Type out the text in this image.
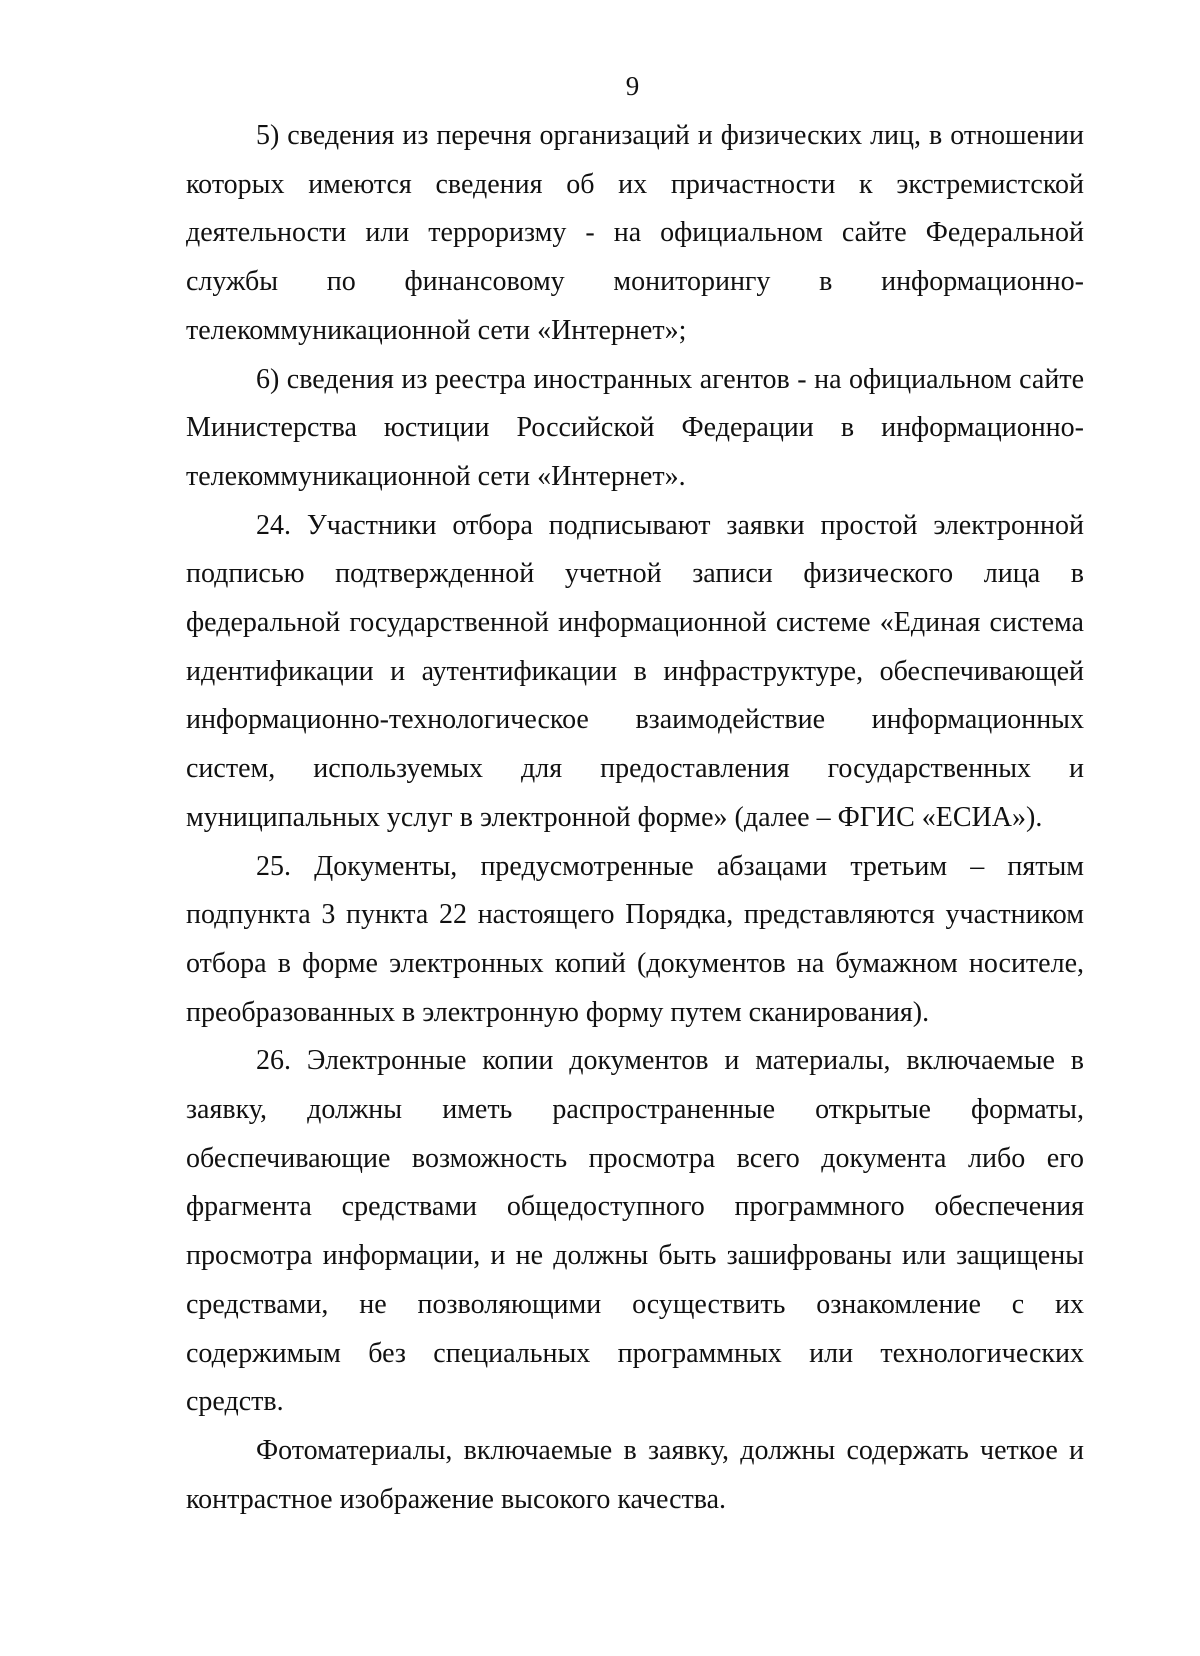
9

5) сведения из перечня организаций и физических лиц, в отношении которых имеются сведения об их причастности к экстремистской деятельности или терроризму - на официальном сайте Федеральной службы по финансовому мониторингу в информационно-телекоммуникационной сети «Интернет»;

6) сведения из реестра иностранных агентов - на официальном сайте Министерства юстиции Российской Федерации в информационно-телекоммуникационной сети «Интернет».

24. Участники отбора подписывают заявки простой электронной подписью подтвержденной учетной записи физического лица в федеральной государственной информационной системе «Единая система идентификации и аутентификации в инфраструктуре, обеспечивающей информационно-технологическое взаимодействие информационных систем, используемых для предоставления государственных и муниципальных услуг в электронной форме» (далее – ФГИС «ЕСИА»).

25. Документы, предусмотренные абзацами третьим – пятым подпункта 3 пункта 22 настоящего Порядка, представляются участником отбора в форме электронных копий (документов на бумажном носителе, преобразованных в электронную форму путем сканирования).

26. Электронные копии документов и материалы, включаемые в заявку, должны иметь распространенные открытые форматы, обеспечивающие возможность просмотра всего документа либо его фрагмента средствами общедоступного программного обеспечения просмотра информации, и не должны быть зашифрованы или защищены средствами, не позволяющими осуществить ознакомление с их содержимым без специальных программных или технологических средств.

Фотоматериалы, включаемые в заявку, должны содержать четкое и контрастное изображение высокого качества.
